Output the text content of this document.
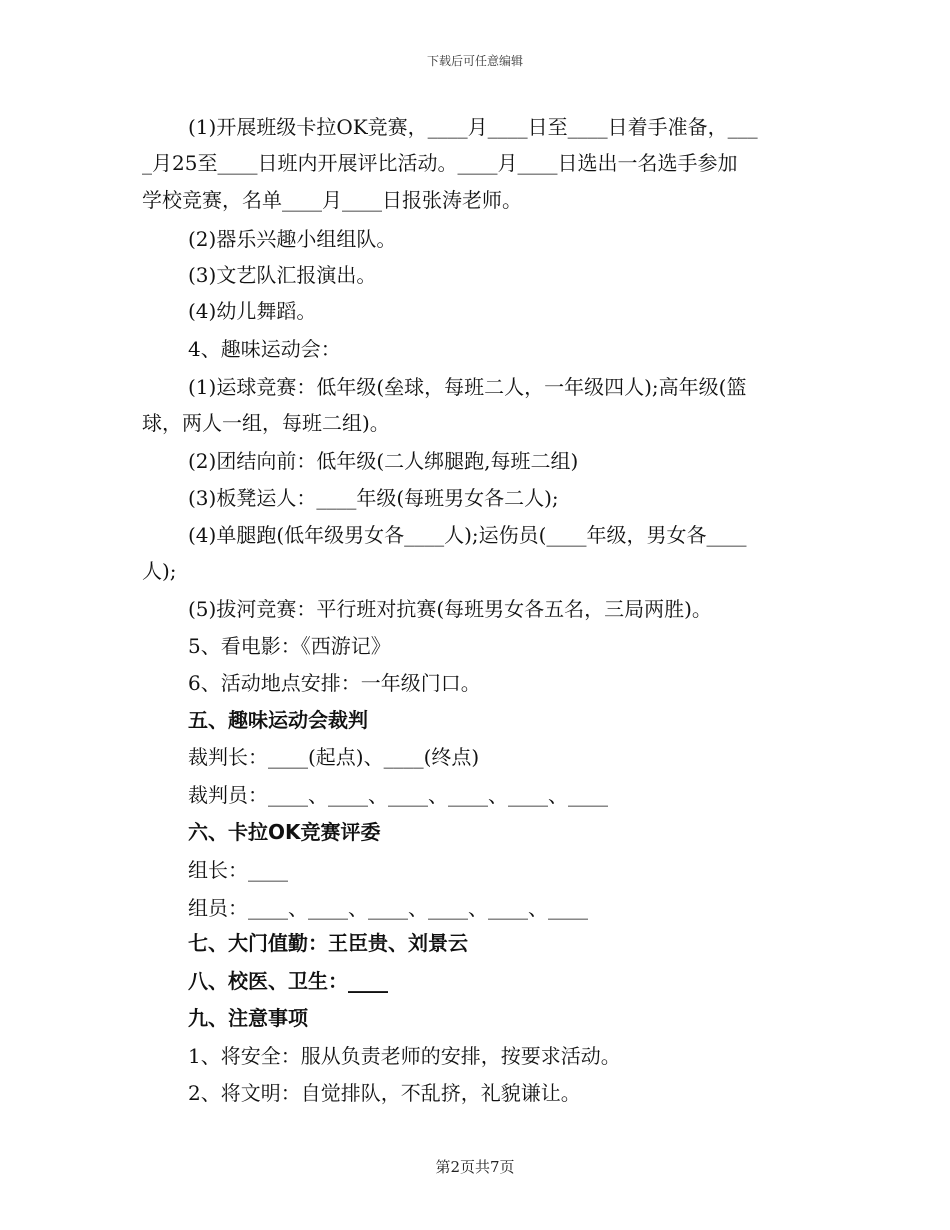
下载后可任意编辑
(1)开展班级卡拉OK竞赛，____月____日至____日着手准备，___
_月25至____日班内开展评比活动。____月____日选出一名选手参加
学校竞赛，名单____月____日报张涛老师。
(2)器乐兴趣小组组队。
(3)文艺队汇报演出。
(4)幼儿舞蹈。
4、趣味运动会：
(1)运球竞赛：低年级(垒球，每班二人，一年级四人);高年级(篮
球，两人一组，每班二组)。
(2)团结向前：低年级(二人绑腿跑,每班二组)
(3)板凳运人：____年级(每班男女各二人);
(4)单腿跑(低年级男女各____人);运伤员(____年级，男女各____
人);
(5)拔河竞赛：平行班对抗赛(每班男女各五名，三局两胜)。
5、看电影：《西游记》
6、活动地点安排：一年级门口。
五、趣味运动会裁判
裁判长：____(起点)、____(终点)
裁判员：____、____、____、____、____、____
六、卡拉OK竞赛评委
组长：____
组员：____、____、____、____、____、____
七、大门值勤：王臣贵、刘景云
八、校医、卫生：____
九、注意事项
1、将安全：服从负责老师的安排，按要求活动。
2、将文明：自觉排队，不乱挤，礼貌谦让。
第2页共7页
